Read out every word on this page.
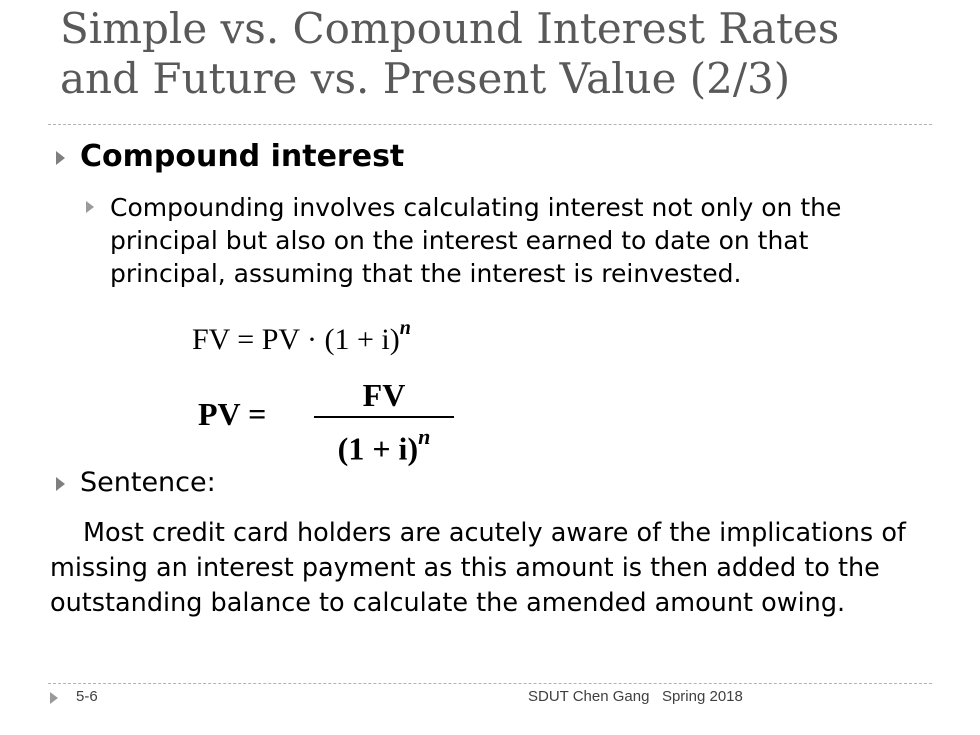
Simple vs. Compound Interest Rates
and Future vs. Present Value (2/3)
Compound interest
Compounding involves calculating interest not only on the principal but also on the interest earned to date on that principal, assuming that the interest is reinvested.
FV = PV · $(1 + i)^n$
PV =
FV
$(1 + i)^n$
Sentence:
Most credit card holders are acutely aware of the implications of missing an interest payment as this amount is then added to the outstanding balance to calculate the amended amount owing.
5-6	SDUT Chen Gang   Spring 2018
